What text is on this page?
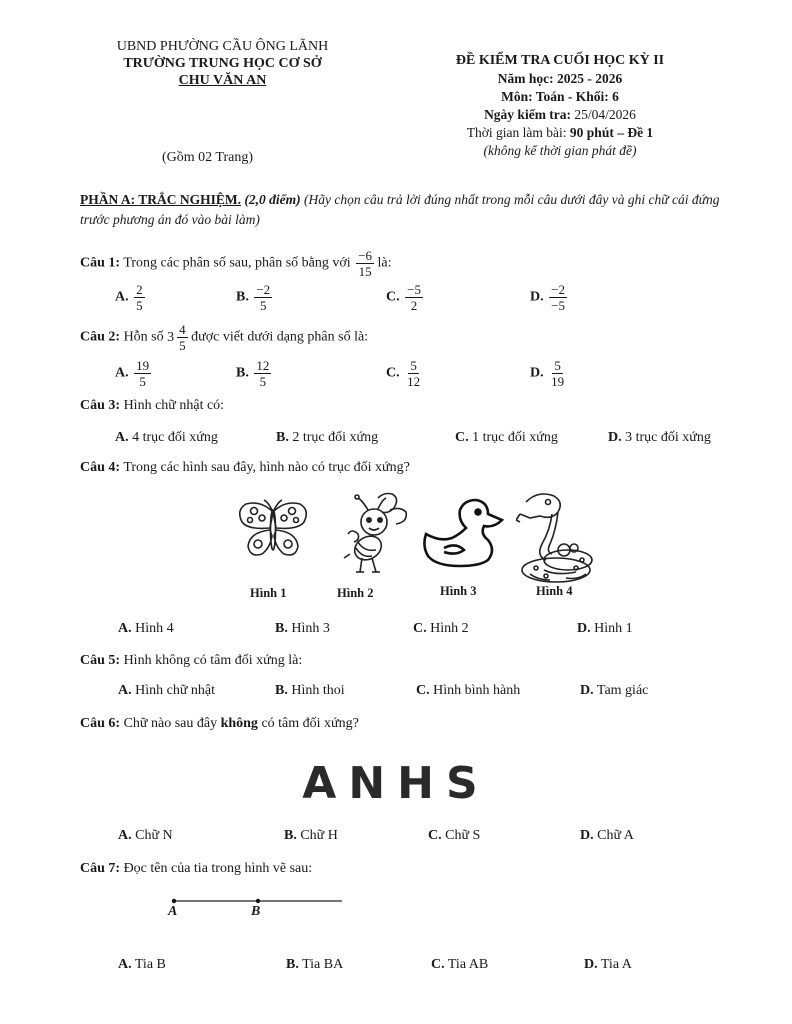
UBND PHƯỜNG CẦU ÔNG LÃNH
TRƯỜNG TRUNG HỌC CƠ SỞ
CHU VĂN AN
ĐỀ KIỂM TRA CUỐI HỌC KỲ II
Năm học: 2025 - 2026
Môn: Toán - Khối: 6
Ngày kiểm tra: 25/04/2026
Thời gian làm bài: 90 phút – Đề 1
(không kể thời gian phát đề)
(Gồm 02 Trang)
PHẦN A: TRẮC NGHIỆM. (2,0 điểm) (Hãy chọn câu trả lời đúng nhất trong mỗi câu dưới đây và ghi chữ cái đứng trước phương án đó vào bài làm)
Câu 1: Trong các phân số sau, phân số bằng với $\frac{-6}{15}$ là:
A. $\frac{2}{5}$	B. $\frac{-2}{5}$	C. $\frac{-5}{2}$	D. $\frac{-2}{-5}$
Câu 2: Hỗn số $3 \frac{4}{5}$ được viết dưới dạng phân số là:
A. $\frac{19}{5}$	B. $\frac{12}{5}$	C. $\frac{5}{12}$	D. $\frac{5}{19}$
Câu 3: Hình chữ nhật có:
A. 4 trục đối xứng	B. 2 trục đối xứng	C. 1 trục đối xứng	D. 3 trục đối xứng
Câu 4: Trong các hình sau đây, hình nào có trục đối xứng?
Hình 1	Hình 2	Hình 3	Hình 4
A. Hình 4	B. Hình 3	C. Hình 2	D. Hình 1
Câu 5: Hình không có tâm đối xứng là:
A. Hình chữ nhật	B. Hình thoi	C. Hình bình hành	D. Tam giác
Câu 6: Chữ nào sau đây không có tâm đối xứng?
ANHS
A. Chữ N	B. Chữ H	C. Chữ S	D. Chữ A
Câu 7: Đọc tên của tia trong hình vẽ sau:
A	B
A. Tia B	B. Tia BA	C. Tia AB	D. Tia A
